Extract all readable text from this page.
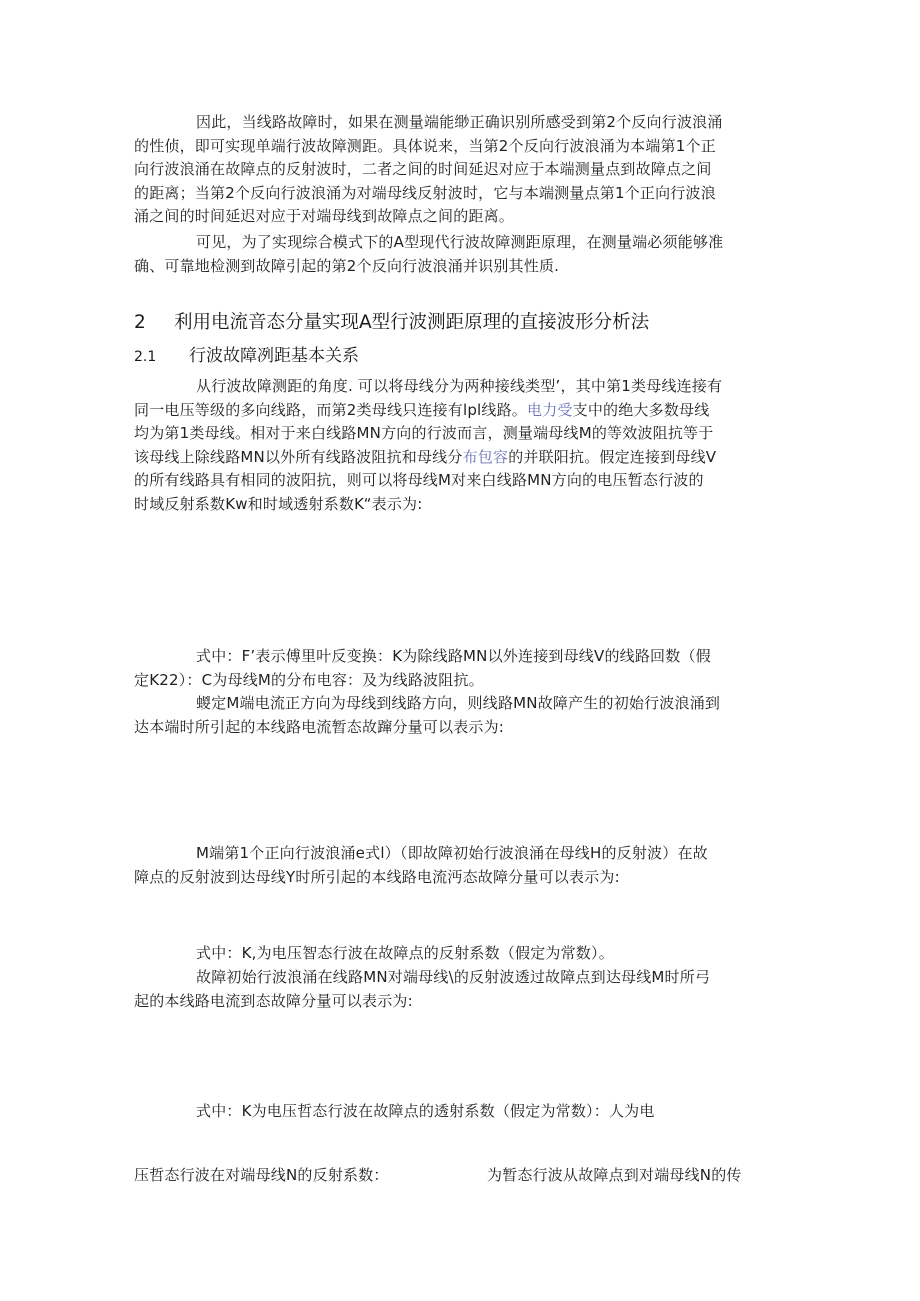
因此，当线路故障时，如果在测量端能缈正确识别所感受到第2个反向行波浪涌
的性侦，即可实现单端行波故障测距。具体说来，当第2个反向行波浪涌为本端第1个正
向行波浪涌在故障点的反射波时，二者之间的时间延迟对应于本端测量点到故障点之间
的距离；当第2个反向行波浪涌为对端母线反射波时，它与本端测量点第1个正向行波浪
涌之间的时间延迟对应于对端母线到故障点之间的距离。
可见，为了实现综合模式下的A型现代行波故障测距原理，在测量端必须能够准
确、可靠地检测到故障引起的第2个反向行波浪涌并识别其性质.
2 利用电流音态分量实现A型行波测距原理的直接波形分析法
2.1 行波故障冽距基本关系
从行波故障测距的角度. 可以将母线分为两种接线类型’，其中第1类母线连接有
同一电压等级的多向线路，而第2类母线只连接有lpl线路。电力受支中的绝大多数母线
均为第1类母线。相对于来白线路MN方向的行波而言，测量端母线M的等效波阻抗等于
该母线上除线路MN以外所有线路波阻抗和母线分布包容的并联阳抗。假定连接到母线V
的所有线路具有相同的波阳抗，则可以将母线M对来白线路MN方向的电压暂态行波的
时域反射系数Kw和时域透射系数K“表示为:
式中：F’表示傅里叶反变换：K为除线路MN以外连接到母线V的线路回数（假
定K22）：C为母线M的分布电容：及为线路波阻抗。
蝬定M端电流正方向为母线到线路方向，则线路MN故障产生的初始行波浪涌到
达本端时所引起的本线路电流暂态故蹿分量可以表示为:
M端第1个正向行波浪涌e式l）（即故障初始行波浪涌在母线H的反射波）在故
障点的反射波到达母线Y时所引起的本线路电流沔态故障分量可以表示为:
式中：K,为电压智态行波在故障点的反射系数（假定为常数）。
故障初始行波浪涌在线路MN对端母线\的反射波透过故障点到达母线M时所弓
起的本线路电流到态故障分量可以表示为:
式中：K为电压哲态行波在故障点的透射系数（假定为常数）：人为电
压哲态行波在对端母线N的反射系数：	为暂态行波从故障点到对端母线N的传
